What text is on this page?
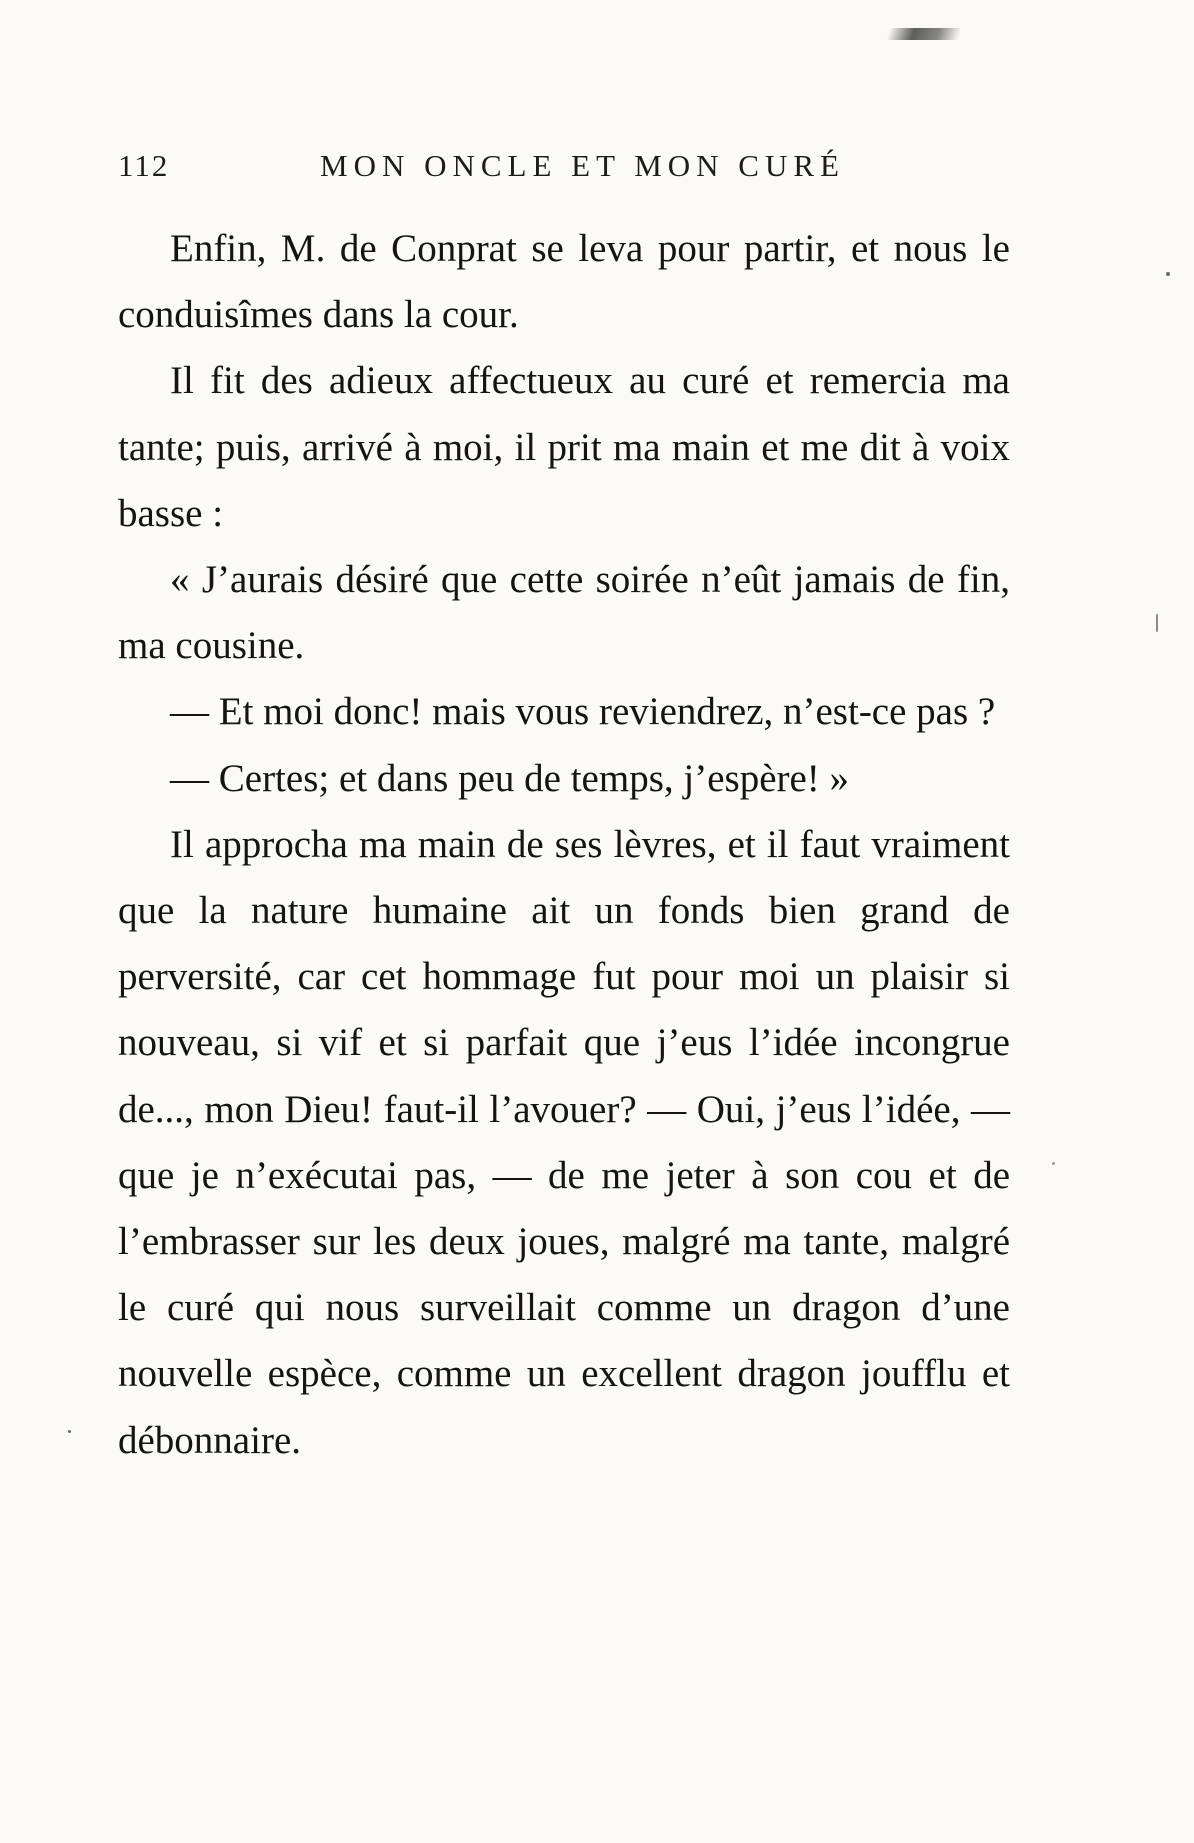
112	MON ONCLE ET MON CURÉ

Enfin, M. de Conprat se leva pour partir, et nous le conduisîmes dans la cour.

Il fit des adieux affectueux au curé et remercia ma tante; puis, arrivé à moi, il prit ma main et me dit à voix basse :

« J’aurais désiré que cette soirée n’eût jamais de fin, ma cousine.

— Et moi donc! mais vous reviendrez, n’est-ce pas ?

— Certes; et dans peu de temps, j’espère! »

Il approcha ma main de ses lèvres, et il faut vraiment que la nature humaine ait un fonds bien grand de perversité, car cet hommage fut pour moi un plaisir si nouveau, si vif et si parfait que j’eus l’idée incongrue de..., mon Dieu! faut-il l’avouer? — Oui, j’eus l’idée, — que je n’exécutai pas, — de me jeter à son cou et de l’embrasser sur les deux joues, malgré ma tante, malgré le curé qui nous surveillait comme un dragon d’une nouvelle espèce, comme un excellent dragon joufflu et débonnaire.
